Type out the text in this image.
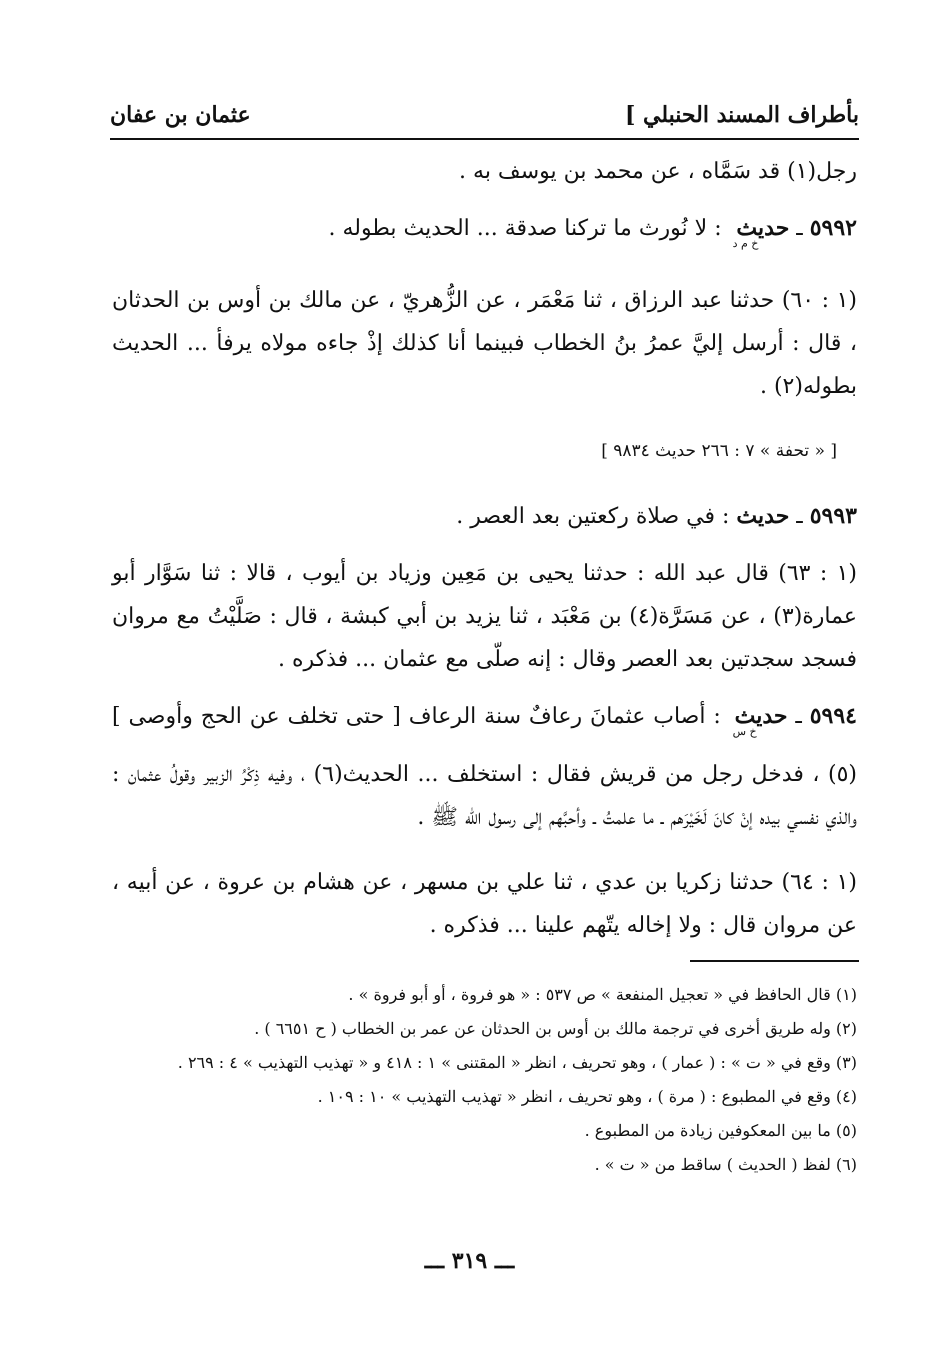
بأطراف المسند الحنبلي ]
عثمان بن عفان

رجل(١) قد سَمَّاه ، عن محمد بن يوسف به .

٥٩٩٢ ـ حديثخ م د : لا نُورث ما تركنا صدقة ... الحديث بطوله .

(١ : ٦٠) حدثنا عبد الرزاق ، ثنا مَعْمَر ، عن الزُّهريّ ، عن مالك بن أوس بن الحدثان ، قال : أرسل إليَّ عمرُ بنُ الخطاب فبينما أنا كذلك إذْ جاءه مولاه يرفأ ... الحديث بطوله(٢) .

[ « تحفة » ٧ : ٢٦٦ حديث ٩٨٣٤ ]

٥٩٩٣ ـ حديث : في صلاة ركعتين بعد العصر .

(١ : ٦٣) قال عبد الله : حدثنا يحيى بن مَعِين وزياد بن أيوب ، قالا : ثنا سَوَّار أبو عمارة(٣) ، عن مَسَرَّة(٤) بن مَعْبَد ، ثنا يزيد بن أبي كبشة ، قال : صَلَّيْتُ مع مروان فسجد سجدتين بعد العصر وقال : إنه صلّى مع عثمان ... فذكره .

٥٩٩٤ ـ حديثخ س : أصاب عثمانَ رعافٌ سنة الرعاف [ حتى تخلف عن الحج وأوصى ](٥) ، فدخل رجل من قريش فقال : استخلف ... الحديث(٦) ، وفيه ذِكْرُ الزبير وقولُ عثمان : والذي نفسي بيده إنْ كانَ لَخَيْرَهم ـ ما علمتُ ـ وأحبَّهم إلى رسول الله ﷺ .

(١ : ٦٤) حدثنا زكريا بن عدي ، ثنا علي بن مسهر ، عن هشام بن عروة ، عن أبيه ، عن مروان قال : ولا إخاله يتّهم علينا ... فذكره .

(١) قال الحافظ في « تعجيل المنفعة » ص ٥٣٧ : « هو فروة ، أو أبو فروة » .

(٢) وله طريق أخرى في ترجمة مالك بن أوس بن الحدثان عن عمر بن الخطاب ( ح ٦٦٥١ ) .

(٣) وقع في « ت » : ( عمار ) ، وهو تحريف ، انظر « المقتنى » ١ : ٤١٨ و « تهذيب التهذيب » ٤ : ٢٦٩ .

(٤) وقع في المطبوع : ( مرة ) ، وهو تحريف ، انظر « تهذيب التهذيب » ١٠ : ١٠٩ .

(٥) ما بين المعكوفين زيادة من المطبوع .

(٦) لفظ ( الحديث ) ساقط من « ت » .

ـــ ٣١٩ ـــ
